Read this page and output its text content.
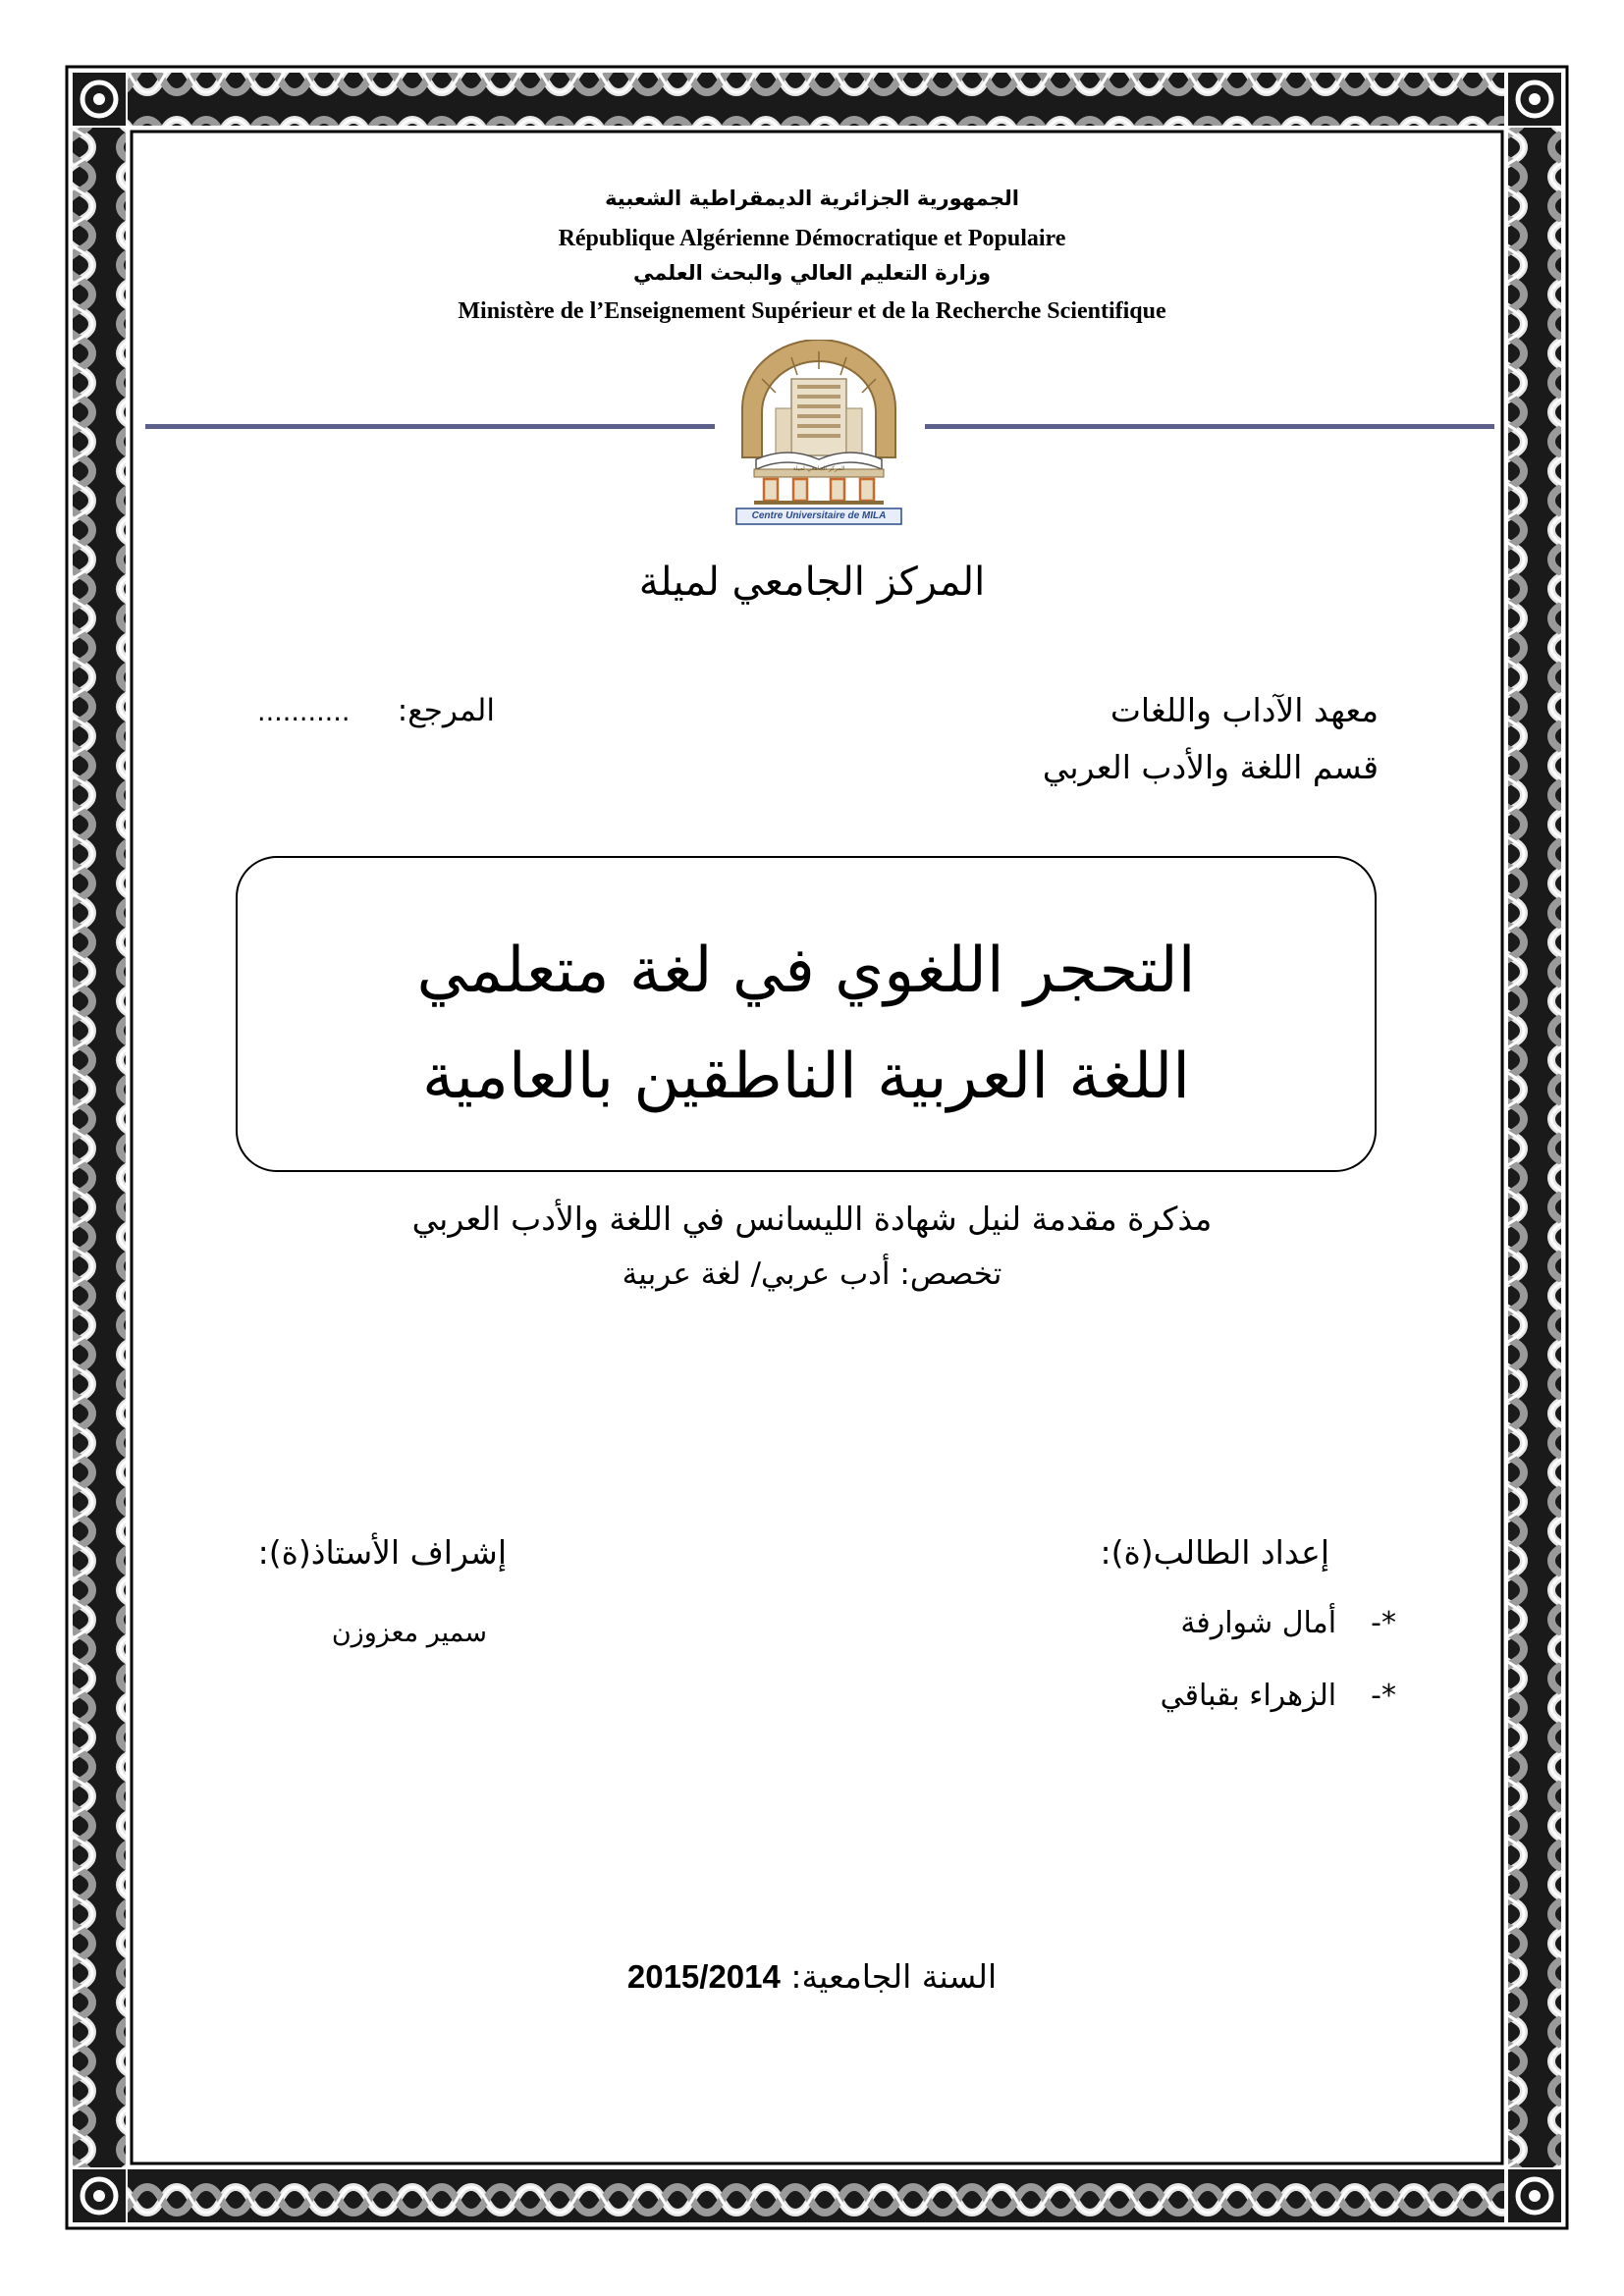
الجمهورية الجزائرية الديمقراطية الشعبية
République Algérienne Démocratique et Populaire
وزارة التعليم العالي والبحث العلمي
Ministère de l’Enseignement Supérieur et de la Recherche Scientifique
Centre Universitaire de MILA
المركز الجامعي لميلة
المركز الجامعي لميلة
معهد الآداب واللغات
قسم اللغة والأدب العربي
المرجع:
...........
التحجر اللغوي في لغة متعلمي
اللغة العربية الناطقين بالعامية
مذكرة مقدمة لنيل شهادة الليسانس في اللغة والأدب العربي
تخصص: أدب عربي/ لغة عربية
إعداد الطالب(ة):
*-  أمال شوارفة
*-  الزهراء بقباقي
إشراف الأستاذ(ة):
سمير معزوزن
السنة الجامعية: 2015/2014
